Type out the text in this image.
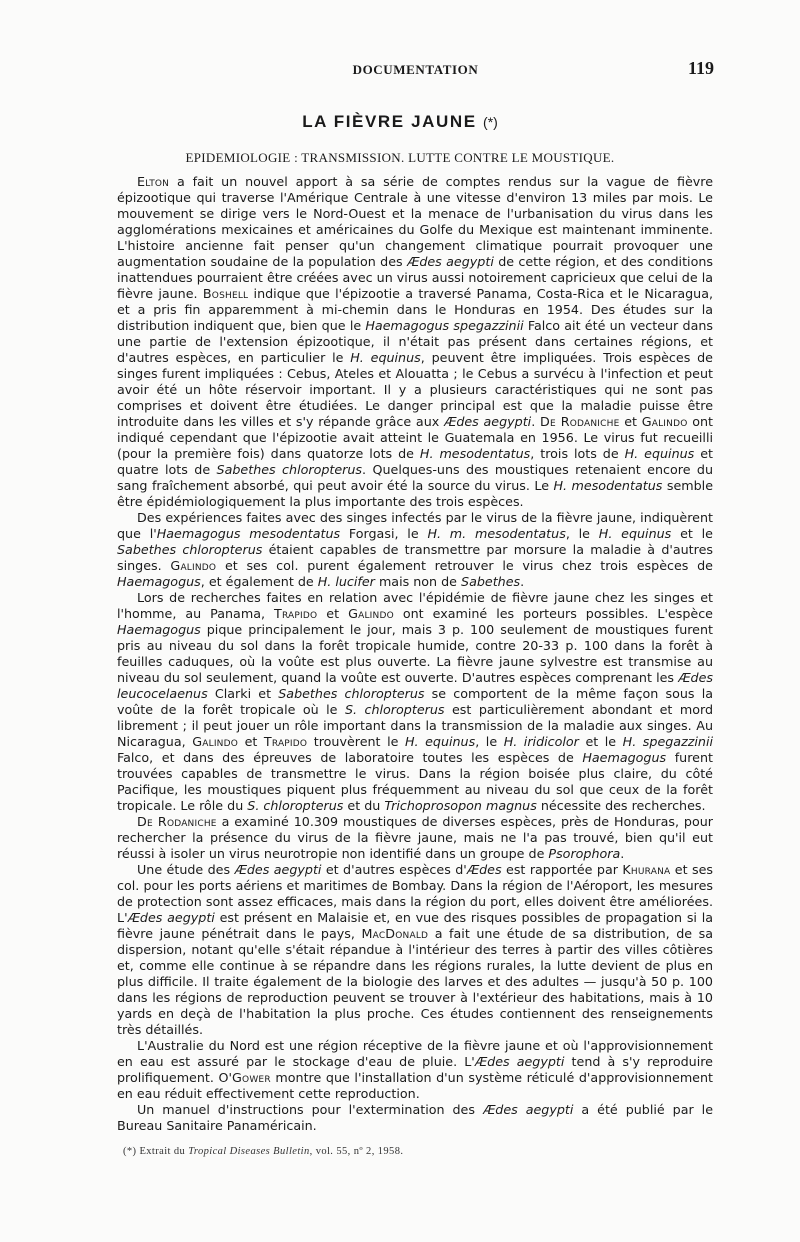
DOCUMENTATION	119
LA FIÈVRE JAUNE (*)
EPIDEMIOLOGIE : TRANSMISSION. LUTTE CONTRE LE MOUSTIQUE.

Elton a fait un nouvel apport à sa série de comptes rendus sur la vague de fièvre épizootique qui traverse l'Amérique Centrale à une vitesse d'environ 13 miles par mois. Le mouvement se dirige vers le Nord-Ouest et la menace de l'urbanisation du virus dans les agglomérations mexicaines et américaines du Golfe du Mexique est maintenant imminente. L'histoire ancienne fait penser qu'un changement climatique pourrait provoquer une augmentation soudaine de la population des Ædes aegypti de cette région, et des conditions inattendues pourraient être créées avec un virus aussi notoirement capricieux que celui de la fièvre jaune. Boshell indique que l'épizootie a traversé Panama, Costa-Rica et le Nicaragua, et a pris fin apparemment à mi-chemin dans le Honduras en 1954. Des études sur la distribution indiquent que, bien que le Haemagogus spegazzinii Falco ait été un vecteur dans une partie de l'extension épizootique, il n'était pas présent dans certaines régions, et d'autres espèces, en particulier le H. equinus, peuvent être impliquées. Trois espèces de singes furent impliquées : Cebus, Ateles et Alouatta ; le Cebus a survécu à l'infection et peut avoir été un hôte réservoir important. Il y a plusieurs caractéristiques qui ne sont pas comprises et doivent être étudiées. Le danger principal est que la maladie puisse être introduite dans les villes et s'y répande grâce aux Ædes aegypti. De Rodaniche et Galindo ont indiqué cependant que l'épizootie avait atteint le Guatemala en 1956. Le virus fut recueilli (pour la première fois) dans quatorze lots de H. mesodentatus, trois lots de H. equinus et quatre lots de Sabethes chloropterus. Quelques-uns des moustiques retenaient encore du sang fraîchement absorbé, qui peut avoir été la source du virus. Le H. mesodentatus semble être épidémiologiquement la plus importante des trois espèces.

Des expériences faites avec des singes infectés par le virus de la fièvre jaune, indiquèrent que l'Haemagogus mesodentatus Forgasi, le H. m. mesodentatus, le H. equinus et le Sabethes chloropterus étaient capables de transmettre par morsure la maladie à d'autres singes. Galindo et ses col. purent également retrouver le virus chez trois espèces de Haemagogus, et également de H. lucifer mais non de Sabethes.

Lors de recherches faites en relation avec l'épidémie de fièvre jaune chez les singes et l'homme, au Panama, Trapido et Galindo ont examiné les porteurs possibles. L'espèce Haemagogus pique principalement le jour, mais 3 p. 100 seulement de moustiques furent pris au niveau du sol dans la forêt tropicale humide, contre 20-33 p. 100 dans la forêt à feuilles caduques, où la voûte est plus ouverte. La fièvre jaune sylvestre est transmise au niveau du sol seulement, quand la voûte est ouverte. D'autres espèces comprenant les Ædes leucocelaenus Clarki et Sabethes chloropterus se comportent de la même façon sous la voûte de la forêt tropicale où le S. chloropterus est particulièrement abondant et mord librement ; il peut jouer un rôle important dans la transmission de la maladie aux singes. Au Nicaragua, Galindo et Trapido trouvèrent le H. equinus, le H. iridicolor et le H. spegazzinii Falco, et dans des épreuves de laboratoire toutes les espèces de Haemagogus furent trouvées capables de transmettre le virus. Dans la région boisée plus claire, du côté Pacifique, les moustiques piquent plus fréquemment au niveau du sol que ceux de la forêt tropicale. Le rôle du S. chloropterus et du Trichoprosopon magnus nécessite des recherches.

De Rodaniche a examiné 10.309 moustiques de diverses espèces, près de Honduras, pour rechercher la présence du virus de la fièvre jaune, mais ne l'a pas trouvé, bien qu'il eut réussi à isoler un virus neurotropie non identifié dans un groupe de Psorophora.

Une étude des Ædes aegypti et d'autres espèces d'Ædes est rapportée par Khurana et ses col. pour les ports aériens et maritimes de Bombay. Dans la région de l'Aéroport, les mesures de protection sont assez efficaces, mais dans la région du port, elles doivent être améliorées. L'Ædes aegypti est présent en Malaisie et, en vue des risques possibles de propagation si la fièvre jaune pénétrait dans le pays, MacDonald a fait une étude de sa distribution, de sa dispersion, notant qu'elle s'était répandue à l'intérieur des terres à partir des villes côtières et, comme elle continue à se répandre dans les régions rurales, la lutte devient de plus en plus difficile. Il traite également de la biologie des larves et des adultes — jusqu'à 50 p. 100 dans les régions de reproduction peuvent se trouver à l'extérieur des habitations, mais à 10 yards en deçà de l'habitation la plus proche. Ces études contiennent des renseignements très détaillés.

L'Australie du Nord est une région réceptive de la fièvre jaune et où l'approvisionnement en eau est assuré par le stockage d'eau de pluie. L'Ædes aegypti tend à s'y reproduire prolifiquement. O'Gower montre que l'installation d'un système réticulé d'approvisionnement en eau réduit effectivement cette reproduction.

Un manuel d'instructions pour l'extermination des Ædes aegypti a été publié par le Bureau Sanitaire Panaméricain.

(*) Extrait du Tropical Diseases Bulletin, vol. 55, nº 2, 1958.
